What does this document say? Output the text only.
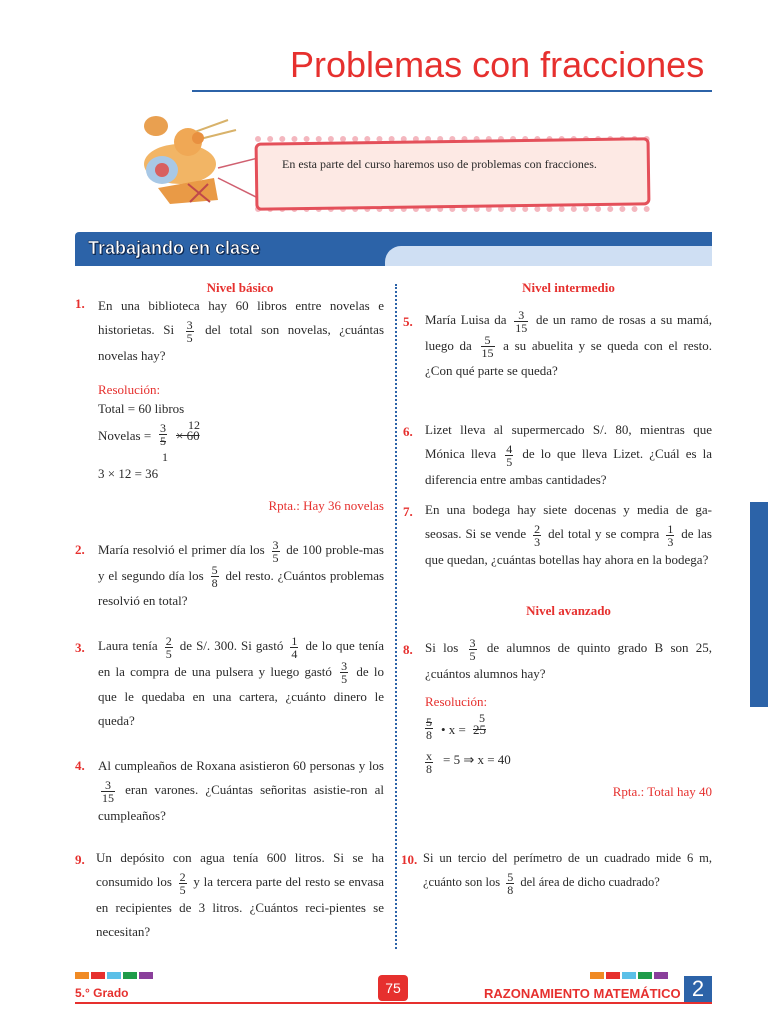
Problemas con fracciones
En esta parte del curso haremos uso de problemas con fracciones.
Trabajando en clase
Nivel básico
1. En una biblioteca hay 60 libros entre novelas e historietas. Si $\frac{3}{5}$ del total son novelas, ¿cuántas novelas hay?
Resolución:
Total = 60 libros
Novelas =
12
$\frac{3}{5} \times 60$
1
3 × 12 = 36
Rpta.: Hay 36 novelas
2. María resolvió el primer día los $\frac{3}{5}$ de 100 proble-mas y el segundo día los $\frac{5}{8}$ del resto. ¿Cuántos problemas resolvió en total?
3. Laura tenía $\frac{2}{5}$ de S/. 300. Si gastó $\frac{1}{4}$ de lo que tenía en la compra de una pulsera y luego gastó $\frac{3}{5}$ de lo que le quedaba en una cartera, ¿cuánto dinero le queda?
4. Al cumpleaños de Roxana asistieron 60 personas y los
$\frac{3}{15}$ eran varones. ¿Cuántas señoritas asistie-ron al cumpleaños?
9. Un depósito con agua tenía 600 litros. Si se ha consumido los $\frac{2}{5}$ y la tercera parte del resto se envasa en recipientes de 3 litros. ¿Cuántos reci-pientes se necesitan?
Nivel intermedio
5. María Luisa da $\frac{3}{15}$ de un ramo de rosas a su mamá, luego da $\frac{5}{15}$ a su abuelita y se queda con el resto. ¿Con qué parte se queda?
6. Lizet lleva al supermercado S/. 80, mientras que Mónica lleva $\frac{4}{5}$ de lo que lleva Lizet. ¿Cuál es la diferencia entre ambas cantidades?
7. En una bodega hay siete docenas y media de ga-seosas. Si se vende $\frac{2}{3}$ del total y se compra $\frac{1}{3}$ de las que quedan, ¿cuántas botellas hay ahora en la bodega?
Nivel avanzado
8. Si los $\frac{3}{5}$ de alumnos de quinto grado B son 25, ¿cuántos alumnos hay?
Resolución:
$\frac{5}{8}$ • x =
5
25
$\frac{x}{8} = 5$ ⇒ x = 40
Rpta.: Total hay 40
10. Si un tercio del perímetro de un cuadrado mide 6 m, ¿cuánto son los $\frac{5}{8}$ del área de dicho cuadrado?
5.° Grado	75	RAZONAMIENTO MATEMÁTICO 2
